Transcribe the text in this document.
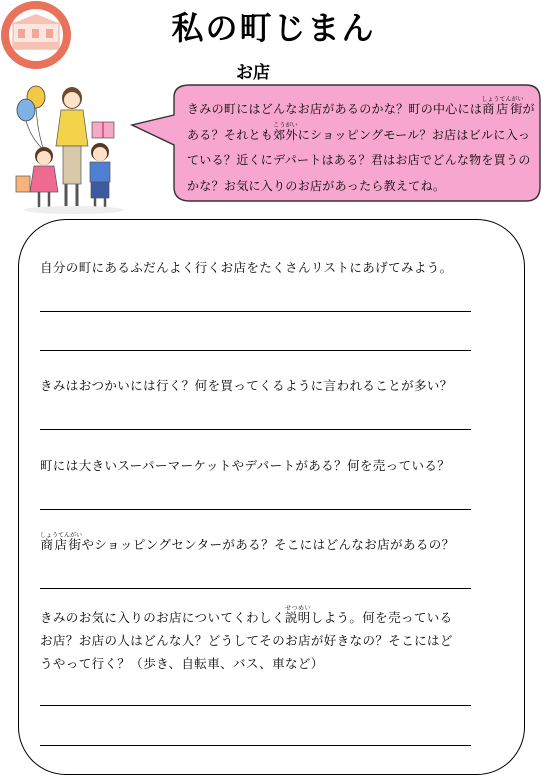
私の町じまん
お店
きみの町にはどんなお店があるのかな？町の中心には商店街しょうてんがいがある？それとも郊外こうがいにショッピングモール？お店はビルに入っている？近くにデパートはある？君はお店でどんな物を買うのかな？お気に入りのお店があったら教えてね。
自分の町にあるふだんよく行くお店をたくさんリストにあげてみよう。
きみはおつかいには行く？何を買ってくるように言われることが多い？
町には大きいスーパーマーケットやデパートがある？何を売っている？
商店街しょうてんがいやショッピングセンターがある？そこにはどんなお店があるの？
きみのお気に入りのお店についてくわしく説明せつめいしよう。何を売っている
お店？お店の人はどんな人？どうしてそのお店が好きなの？そこにはど
うやって行く？（歩き、自転車、バス、車など）
